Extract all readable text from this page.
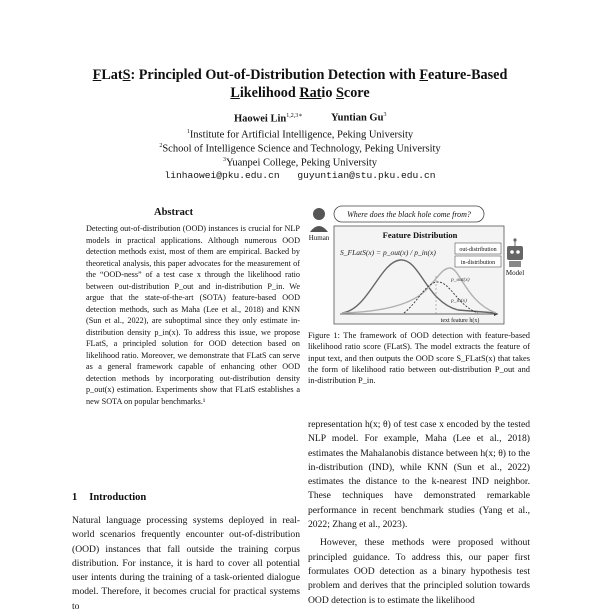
FLatS: Principled Out-of-Distribution Detection with Feature-Based
Likelihood Ratio Score
Haowei Lin$^{1,2,3∗}$	Yuntian Gu$^3$
$^1$Institute for Artificial Intelligence, Peking University
$^2$School of Intelligence Science and Technology, Peking University
$^3$Yuanpei College, Peking University
linhaowei@pku.edu.cn guyuntian@stu.pku.edu.cn
Abstract

Detecting out-of-distribution (OOD) instances is crucial for NLP models in practical applications. Although numerous OOD detection methods exist, most of them are empirical. Backed by theoretical analysis, this paper advocates for the measurement of the “OOD-ness” of a test case x through the likelihood ratio between out-distribution P_out and in-distribution P_in. We argue that the state-of-the-art (SOTA) feature-based OOD detection methods, such as Maha (Lee et al., 2018) and KNN (Sun et al., 2022), are suboptimal since they only estimate in-distribution density p_in(x). To address this issue, we propose FLatS, a principled solution for OOD detection based on likelihood ratio. Moreover, we demonstrate that FLatS can serve as a general framework capable of enhancing other OOD detection methods by incorporating out-distribution density p_out(x) estimation. Experiments show that FLatS establishes a new SOTA on popular benchmarks.¹

1 Introduction
Natural language processing systems deployed in real-world scenarios frequently encounter out-of-distribution (OOD) instances that fall outside the training corpus distribution. For instance, it is hard to cover all potential user intents during the training of a task-oriented dialogue model. Therefore, it becomes crucial for practical systems to
Where does the black hole come from?
Human
Model
Feature Distribution
S_FLatS(x) = p_out(x) / p_in(x)	out-distribution
in-distribution
p_out(x)
p_in(x)
text feature h(x)
Figure 1: The framework of OOD detection with feature-based likelihood ratio score (FLatS). The model extracts the feature of input text, and then outputs the OOD score S_FLatS(x) that takes the form of likelihood ratio between out-distribution P_out and in-distribution P_in.

representation h(x; θ) of test case x encoded by the tested NLP model. For example, Maha (Lee et al., 2018) estimates the Mahalanobis distance between h(x; θ) to the in-distribution (IND), while KNN (Sun et al., 2022) estimates the distance to the k-nearest IND neighbor. These techniques have demonstrated remarkable performance in recent benchmark studies (Yang et al., 2022; Zhang et al., 2023).

However, these methods were proposed without principled guidance. To address this, our paper first formulates OOD detection as a binary hypothesis test problem and derives that the principled solution towards OOD detection is to estimate the likelihood
